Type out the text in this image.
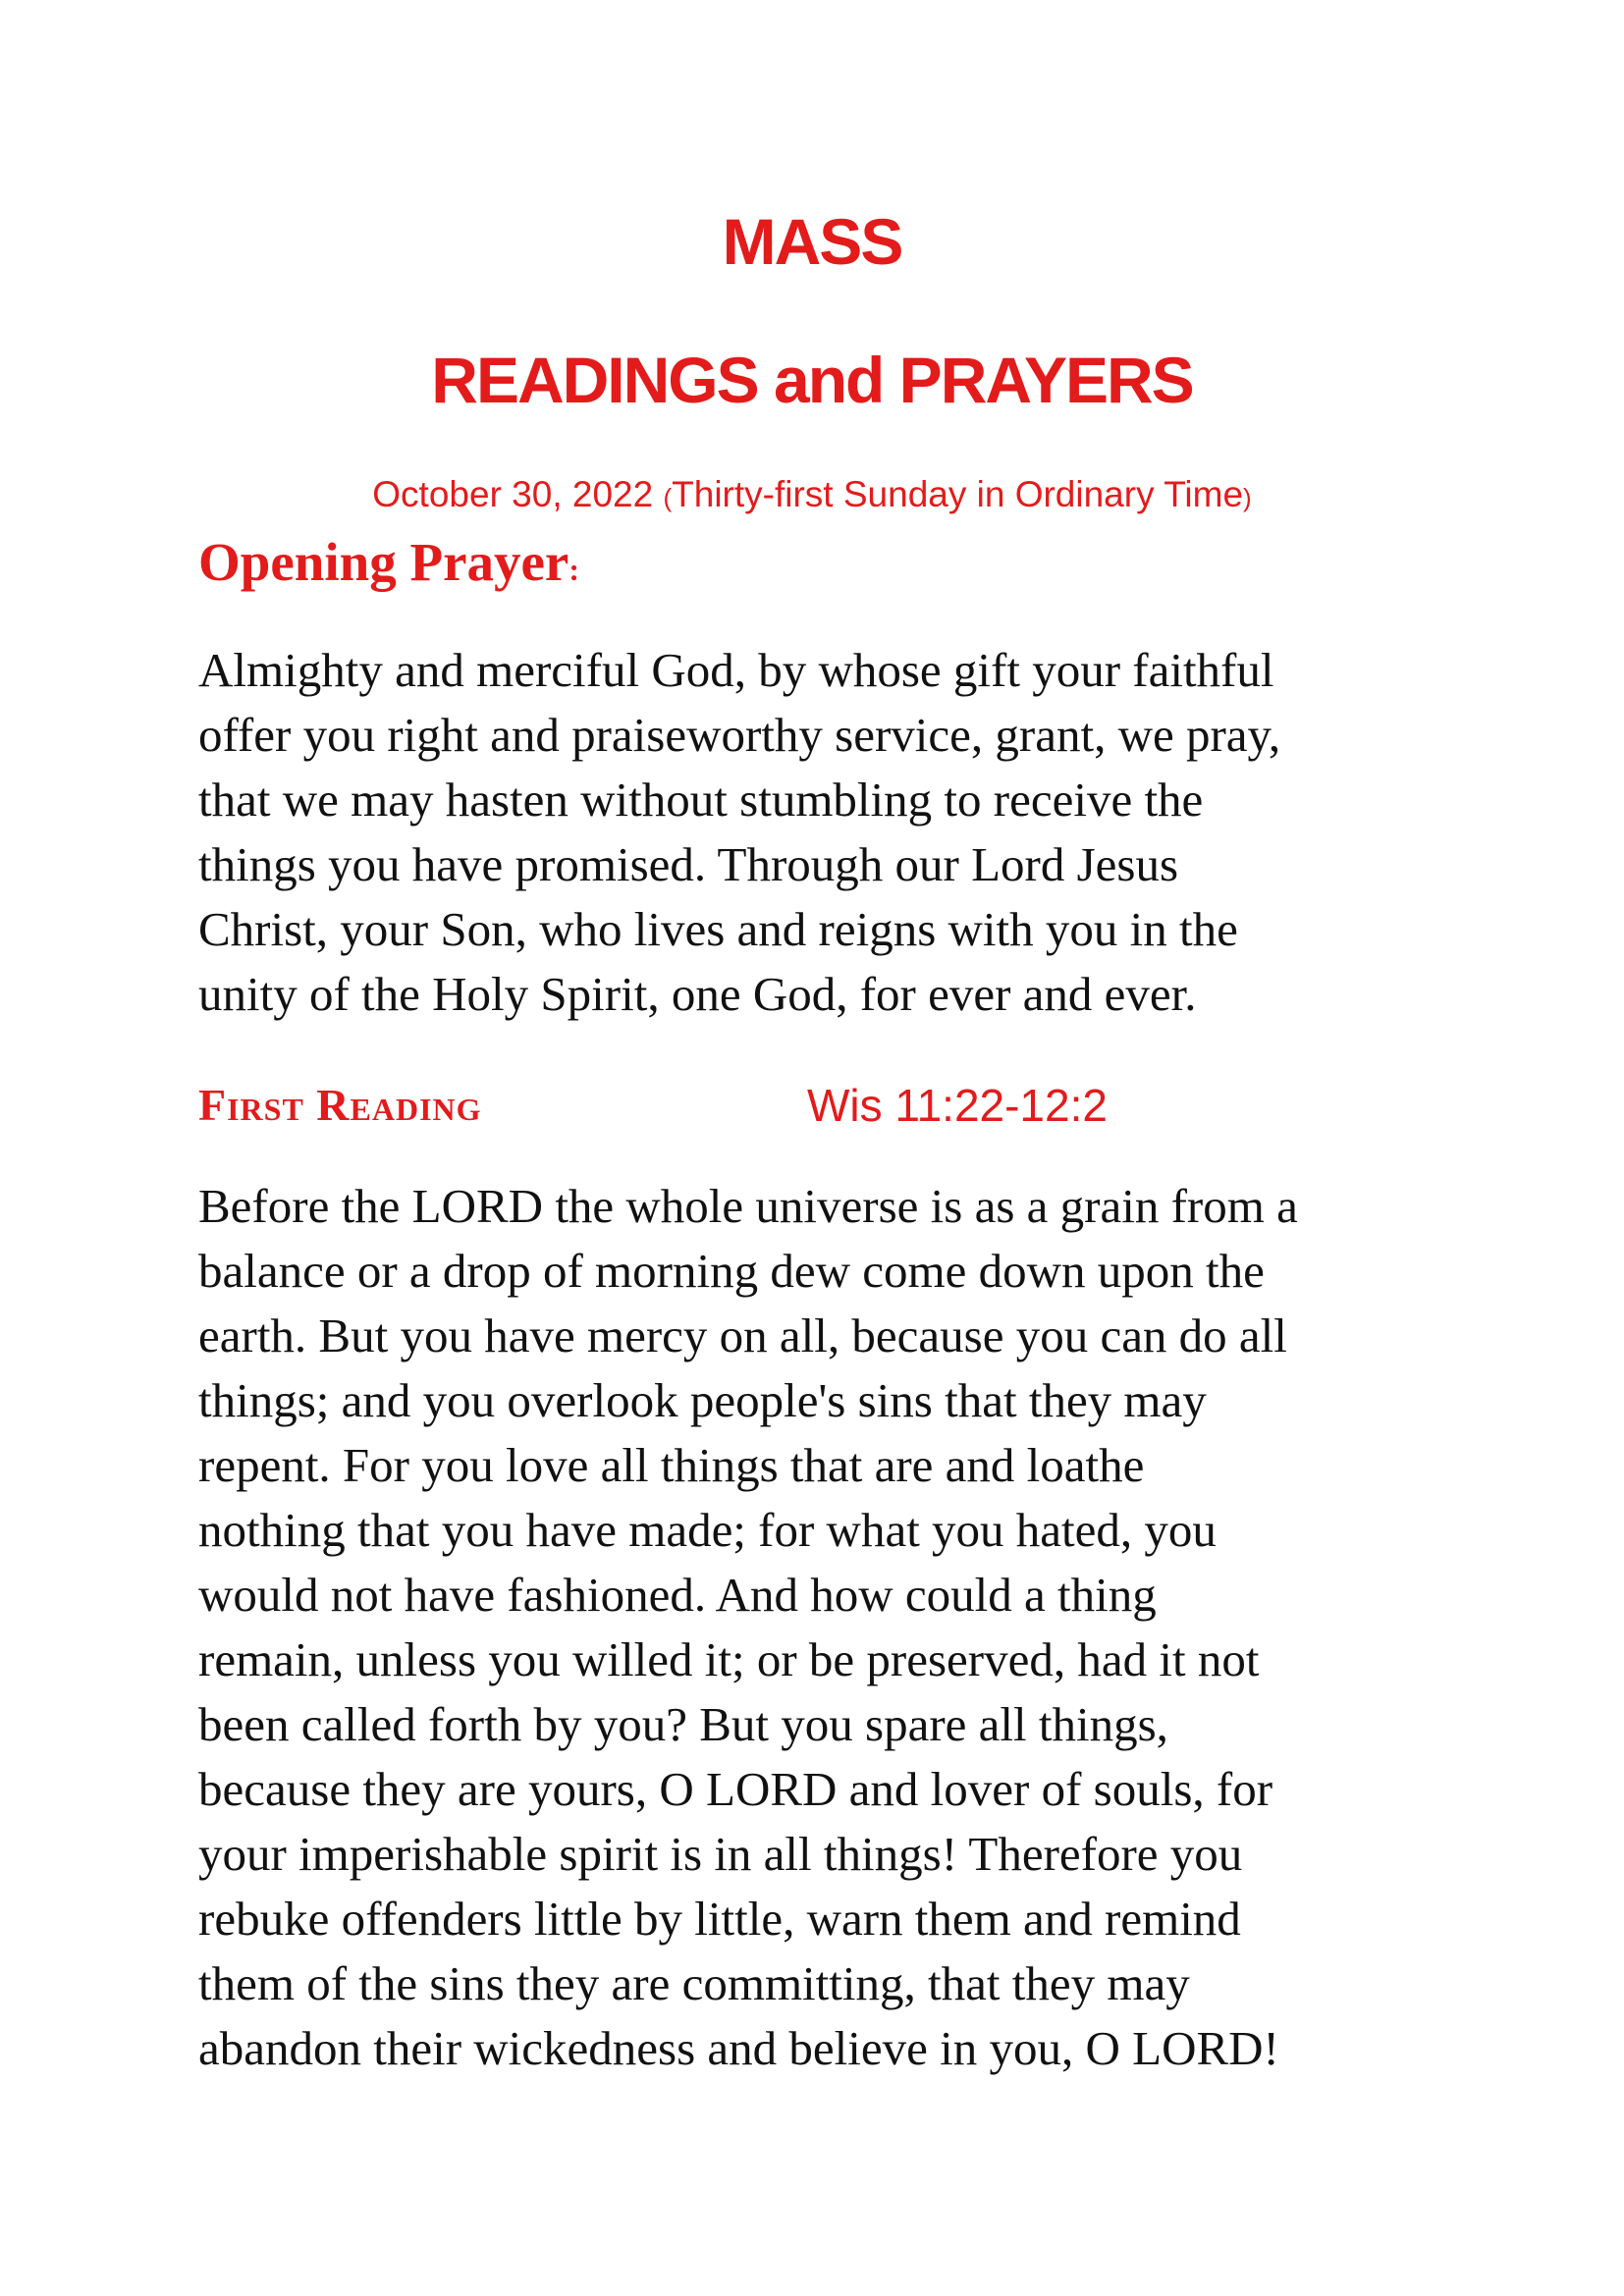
MASS
READINGS and PRAYERS
October 30, 2022 (Thirty-first Sunday in Ordinary Time)
Opening Prayer:

Almighty and merciful God, by whose gift your faithful
offer you right and praiseworthy service, grant, we pray,
that we may hasten without stumbling to receive the
things you have promised. Through our Lord Jesus
Christ, your Son, who lives and reigns with you in the
unity of the Holy Spirit, one God, for ever and ever.

First Reading	Wis 11:22-12:2

Before the LORD the whole universe is as a grain from a
balance or a drop of morning dew come down upon the
earth. But you have mercy on all, because you can do all
things; and you overlook people's sins that they may
repent. For you love all things that are and loathe
nothing that you have made; for what you hated, you
would not have fashioned. And how could a thing
remain, unless you willed it; or be preserved, had it not
been called forth by you? But you spare all things,
because they are yours, O LORD and lover of souls, for
your imperishable spirit is in all things! Therefore you
rebuke offenders little by little, warn them and remind
them of the sins they are committing, that they may
abandon their wickedness and believe in you, O LORD!
